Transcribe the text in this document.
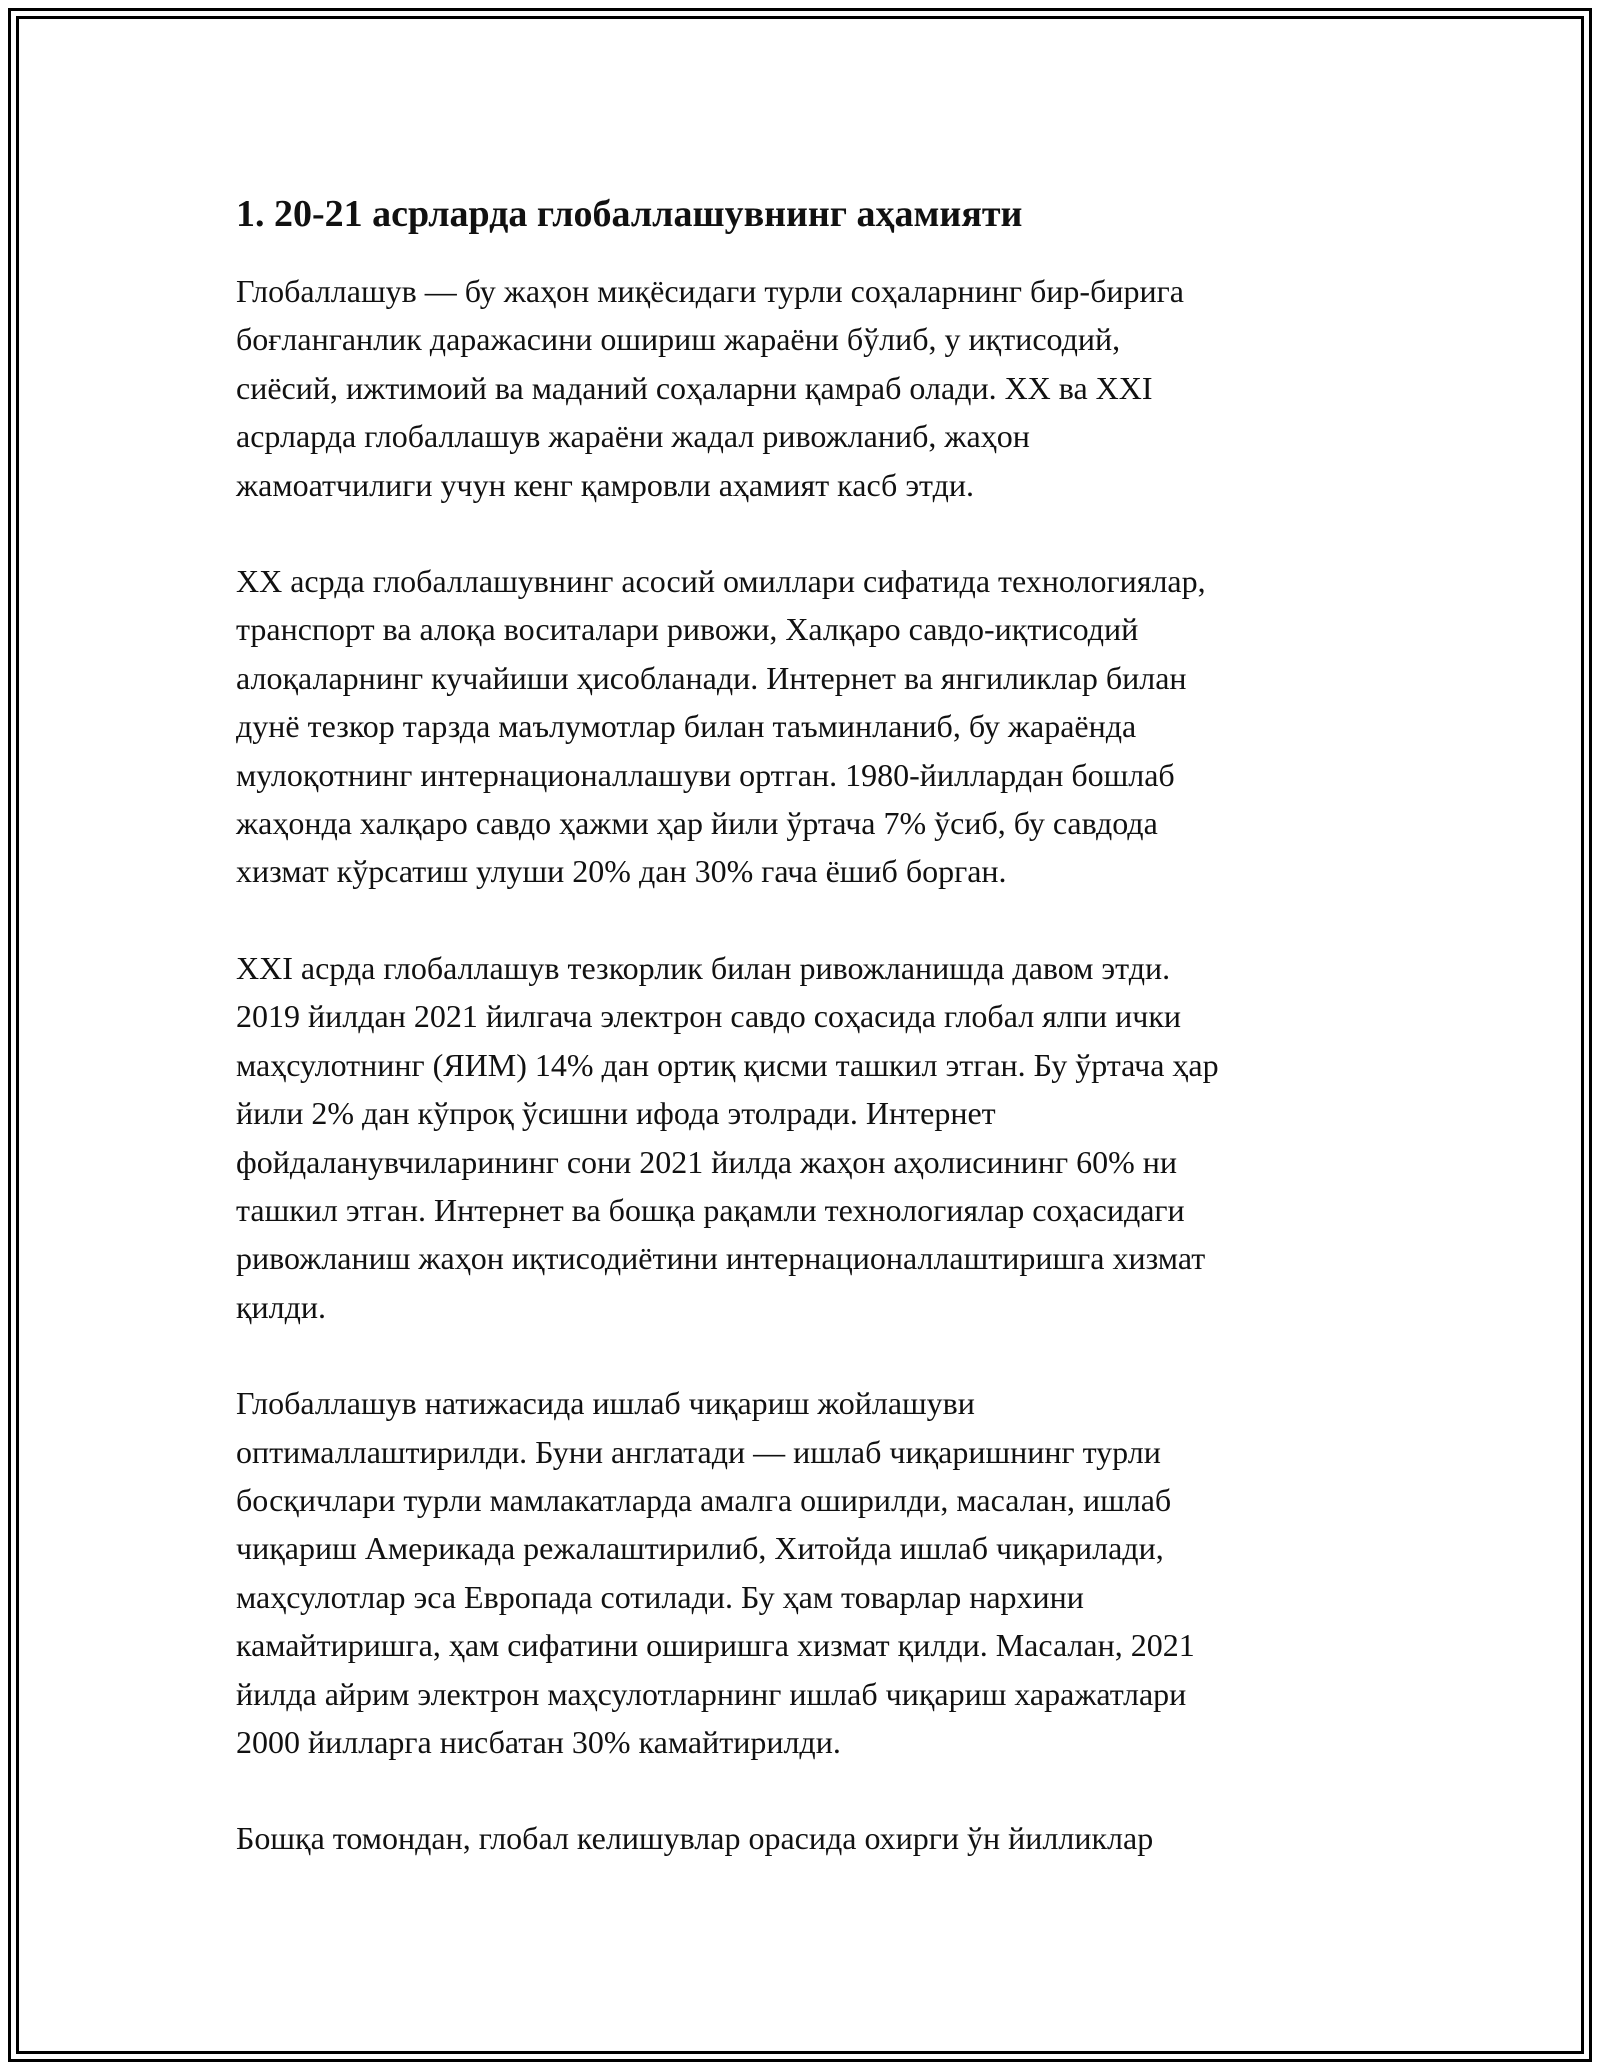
1. 20-21 асрларда глобаллашувнинг аҳамияти

Глобаллашув — бу жаҳон миқёсидаги турли соҳаларнинг бир-бирига
боғланганлик даражасини ошириш жараёни бўлиб, у иқтисодий,
сиёсий, ижтимоий ва маданий соҳаларни қамраб олади. XX ва XXI
асрларда глобаллашув жараёни жадал ривожланиб, жаҳон
жамоатчилиги учун кенг қамровли аҳамият касб этди.

XX асрда глобаллашувнинг асосий омиллари сифатида технологиялар,
транспорт ва алоқа воситалари ривожи, Халқаро савдо-иқтисодий
алоқаларнинг кучайиши ҳисобланади. Интернет ва янгиликлар билан
дунё тезкор тарзда маълумотлар билан таъминланиб, бу жараёнда
мулоқотнинг интернационаллашуви ортган. 1980-йиллардан бошлаб
жаҳонда халқаро савдо ҳажми ҳар йили ўртача 7% ўсиб, бу савдода
хизмат кўрсатиш улуши 20% дан 30% гача ёшиб борган.

XXI асрда глобаллашув тезкорлик билан ривожланишда давом этди.
2019 йилдан 2021 йилгача электрон савдо соҳасида глобал ялпи ички
маҳсулотнинг (ЯИМ) 14% дан ортиқ қисми ташкил этган. Бу ўртача ҳар
йили 2% дан кўпроқ ўсишни ифода этолради. Интернет
фойдаланувчиларининг сони 2021 йилда жаҳон аҳолисининг 60% ни
ташкил этган. Интернет ва бошқа рақамли технологиялар соҳасидаги
ривожланиш жаҳон иқтисодиётини интернационаллаштиришга хизмат
қилди.

Глобаллашув натижасида ишлаб чиқариш жойлашуви
оптималлаштирилди. Буни англатади — ишлаб чиқаришнинг турли
босқичлари турли мамлакатларда амалга оширилди, масалан, ишлаб
чиқариш Америкада режалаштирилиб, Хитойда ишлаб чиқарилади,
маҳсулотлар эса Европада сотилади. Бу ҳам товарлар нархини
камайтиришга, ҳам сифатини оширишга хизмат қилди. Масалан, 2021
йилда айрим электрон маҳсулотларнинг ишлаб чиқариш харажатлари
2000 йилларга нисбатан 30% камайтирилди.

Бошқа томондан, глобал келишувлар орасида охирги ўн йилликлар
